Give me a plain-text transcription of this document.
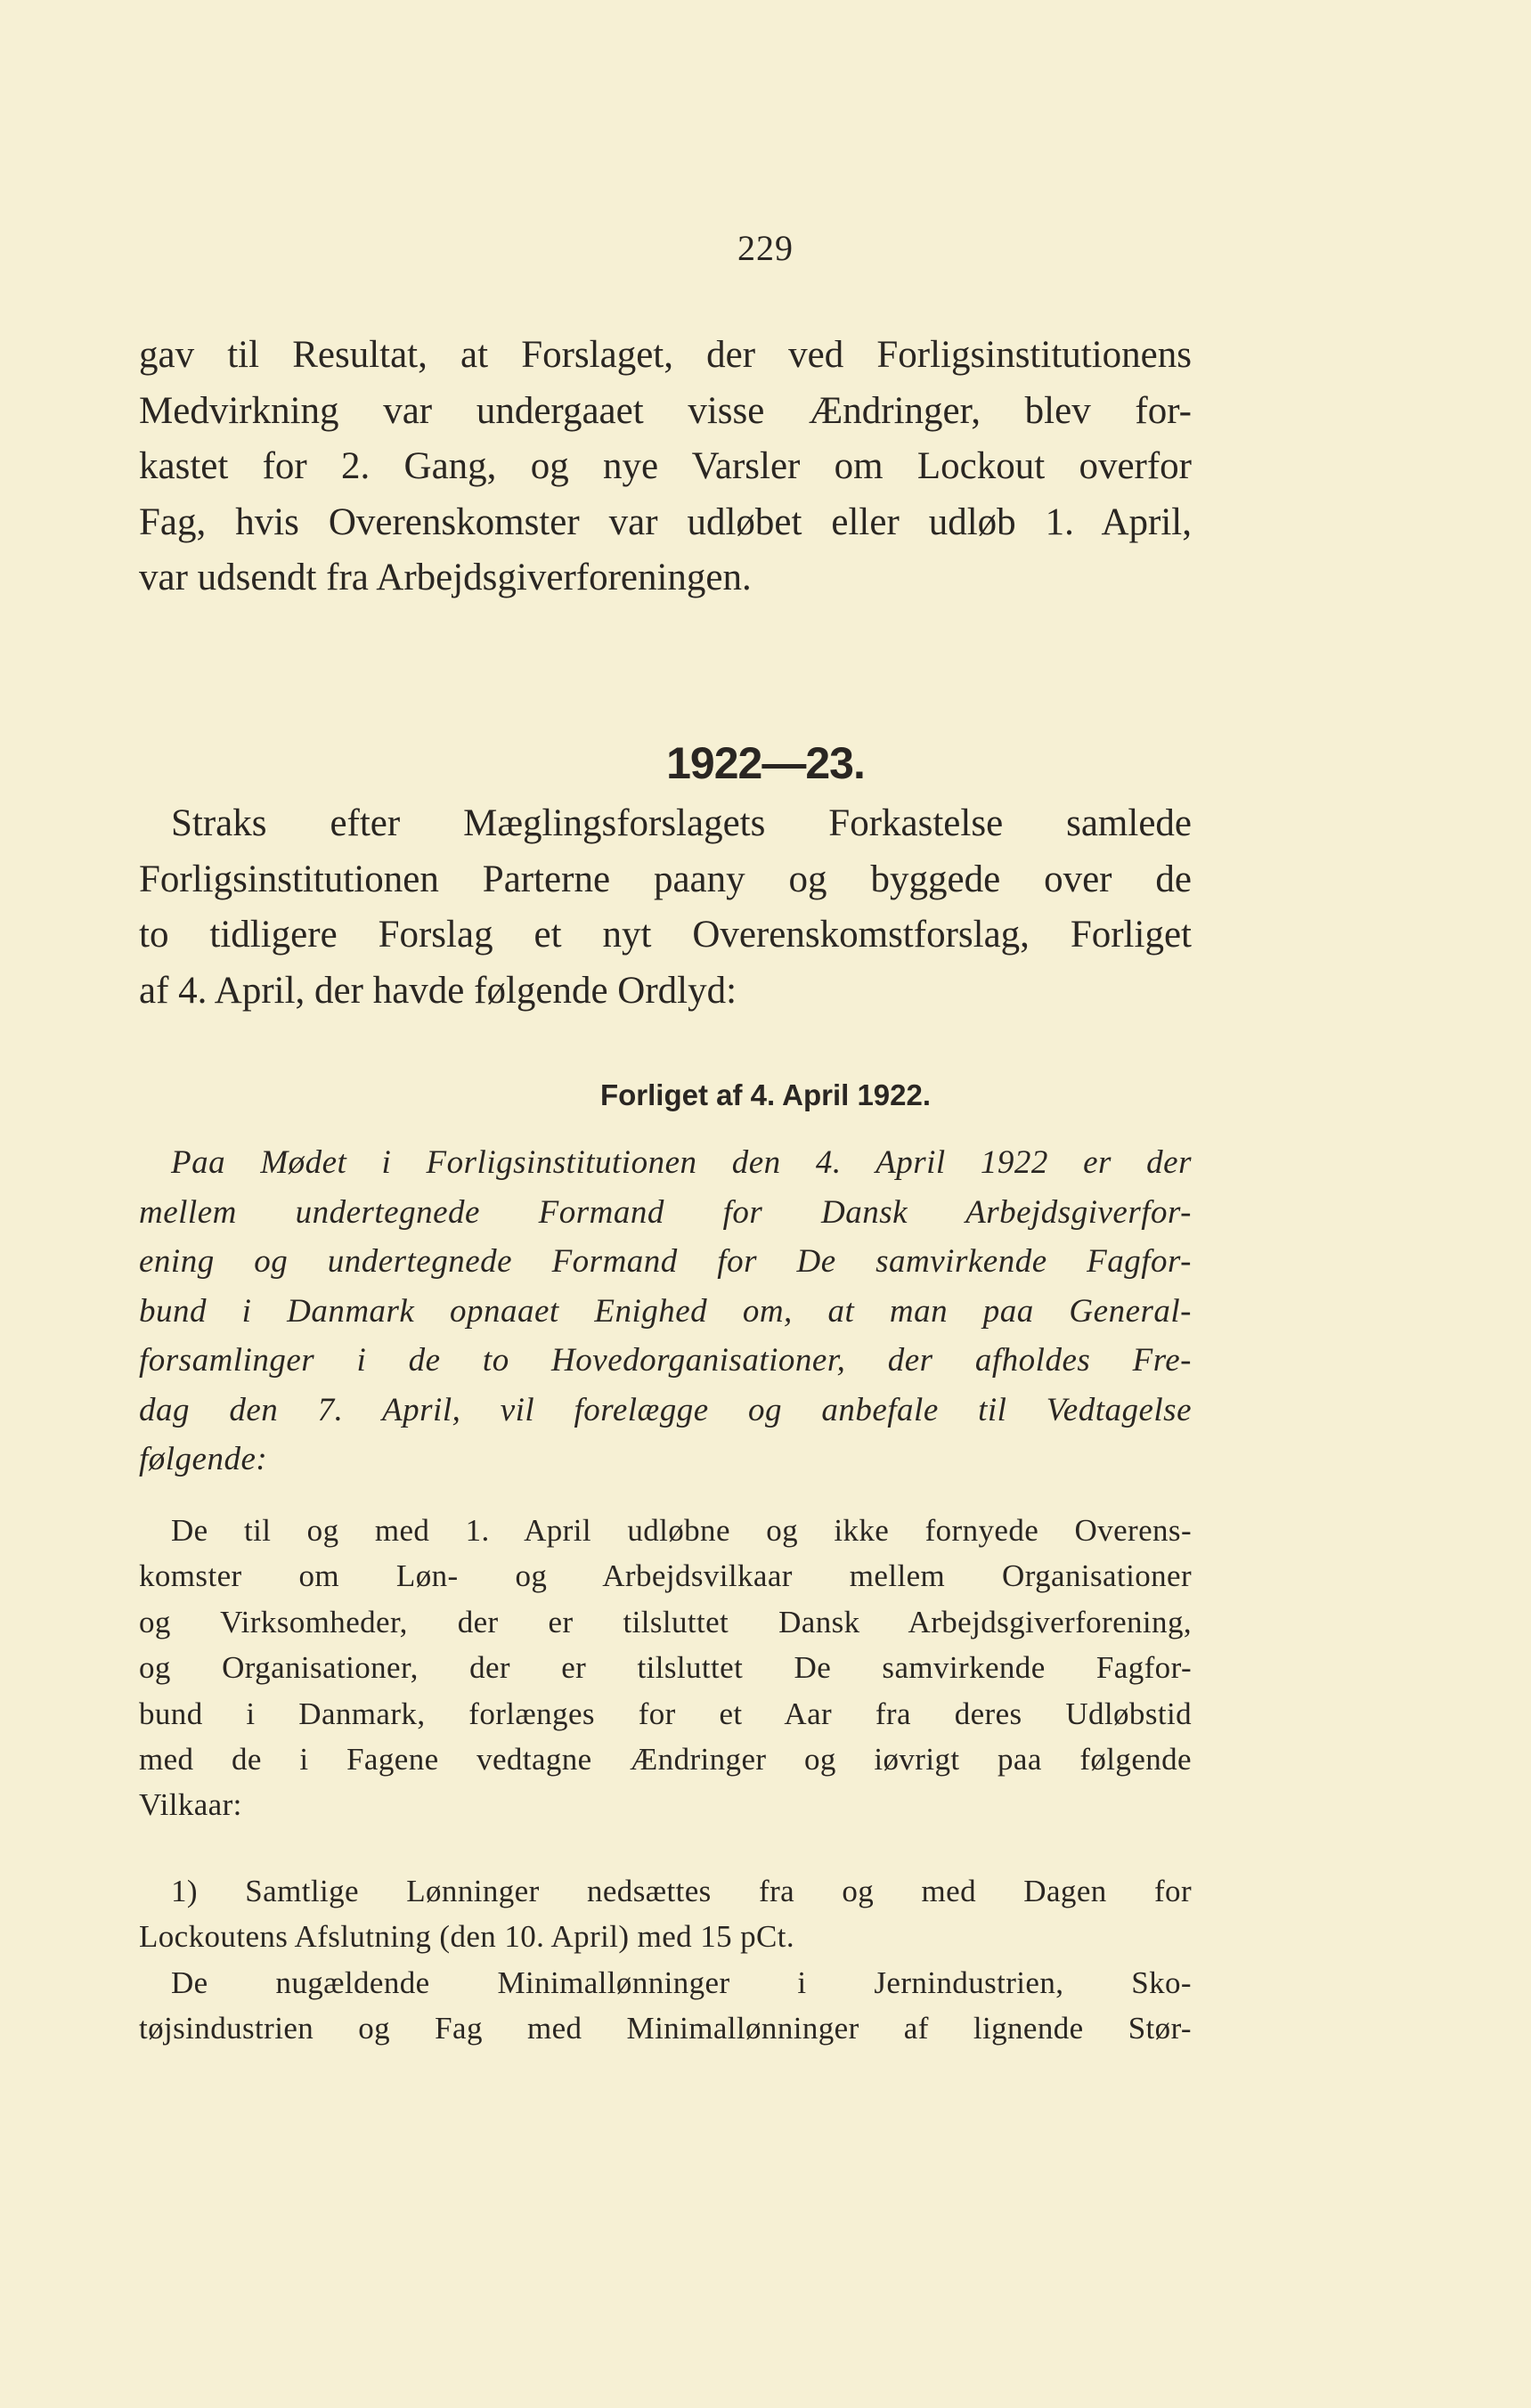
229
gav til Resultat, at Forslaget, der ved Forligsinstitutionens
Medvirkning var undergaaet visse Ændringer, blev for-
kastet for 2. Gang, og nye Varsler om Lockout overfor
Fag, hvis Overenskomster var udløbet eller udløb 1. April,
var udsendt fra Arbejdsgiverforeningen.
1922—23.
Straks efter Mæglingsforslagets Forkastelse samlede
Forligsinstitutionen Parterne paany og byggede over de
to tidligere Forslag et nyt Overenskomstforslag, Forliget
af 4. April, der havde følgende Ordlyd:
Forliget af 4. April 1922.
Paa Mødet i Forligsinstitutionen den 4. April 1922 er der
mellem undertegnede Formand for Dansk Arbejdsgiverfor-
ening og undertegnede Formand for De samvirkende Fagfor-
bund i Danmark opnaaet Enighed om, at man paa General-
forsamlinger i de to Hovedorganisationer, der afholdes Fre-
dag den 7. April, vil forelægge og anbefale til Vedtagelse
følgende:
De til og med 1. April udløbne og ikke fornyede Overens-
komster om Løn- og Arbejdsvilkaar mellem Organisationer
og Virksomheder, der er tilsluttet Dansk Arbejdsgiverforening,
og Organisationer, der er tilsluttet De samvirkende Fagfor-
bund i Danmark, forlænges for et Aar fra deres Udløbstid
med de i Fagene vedtagne Ændringer og iøvrigt paa følgende
Vilkaar:
1) Samtlige Lønninger nedsættes fra og med Dagen for
Lockoutens Afslutning (den 10. April) med 15 pCt.
De nugældende Minimallønninger i Jernindustrien, Sko-
tøjsindustrien og Fag med Minimallønninger af lignende Stør-
